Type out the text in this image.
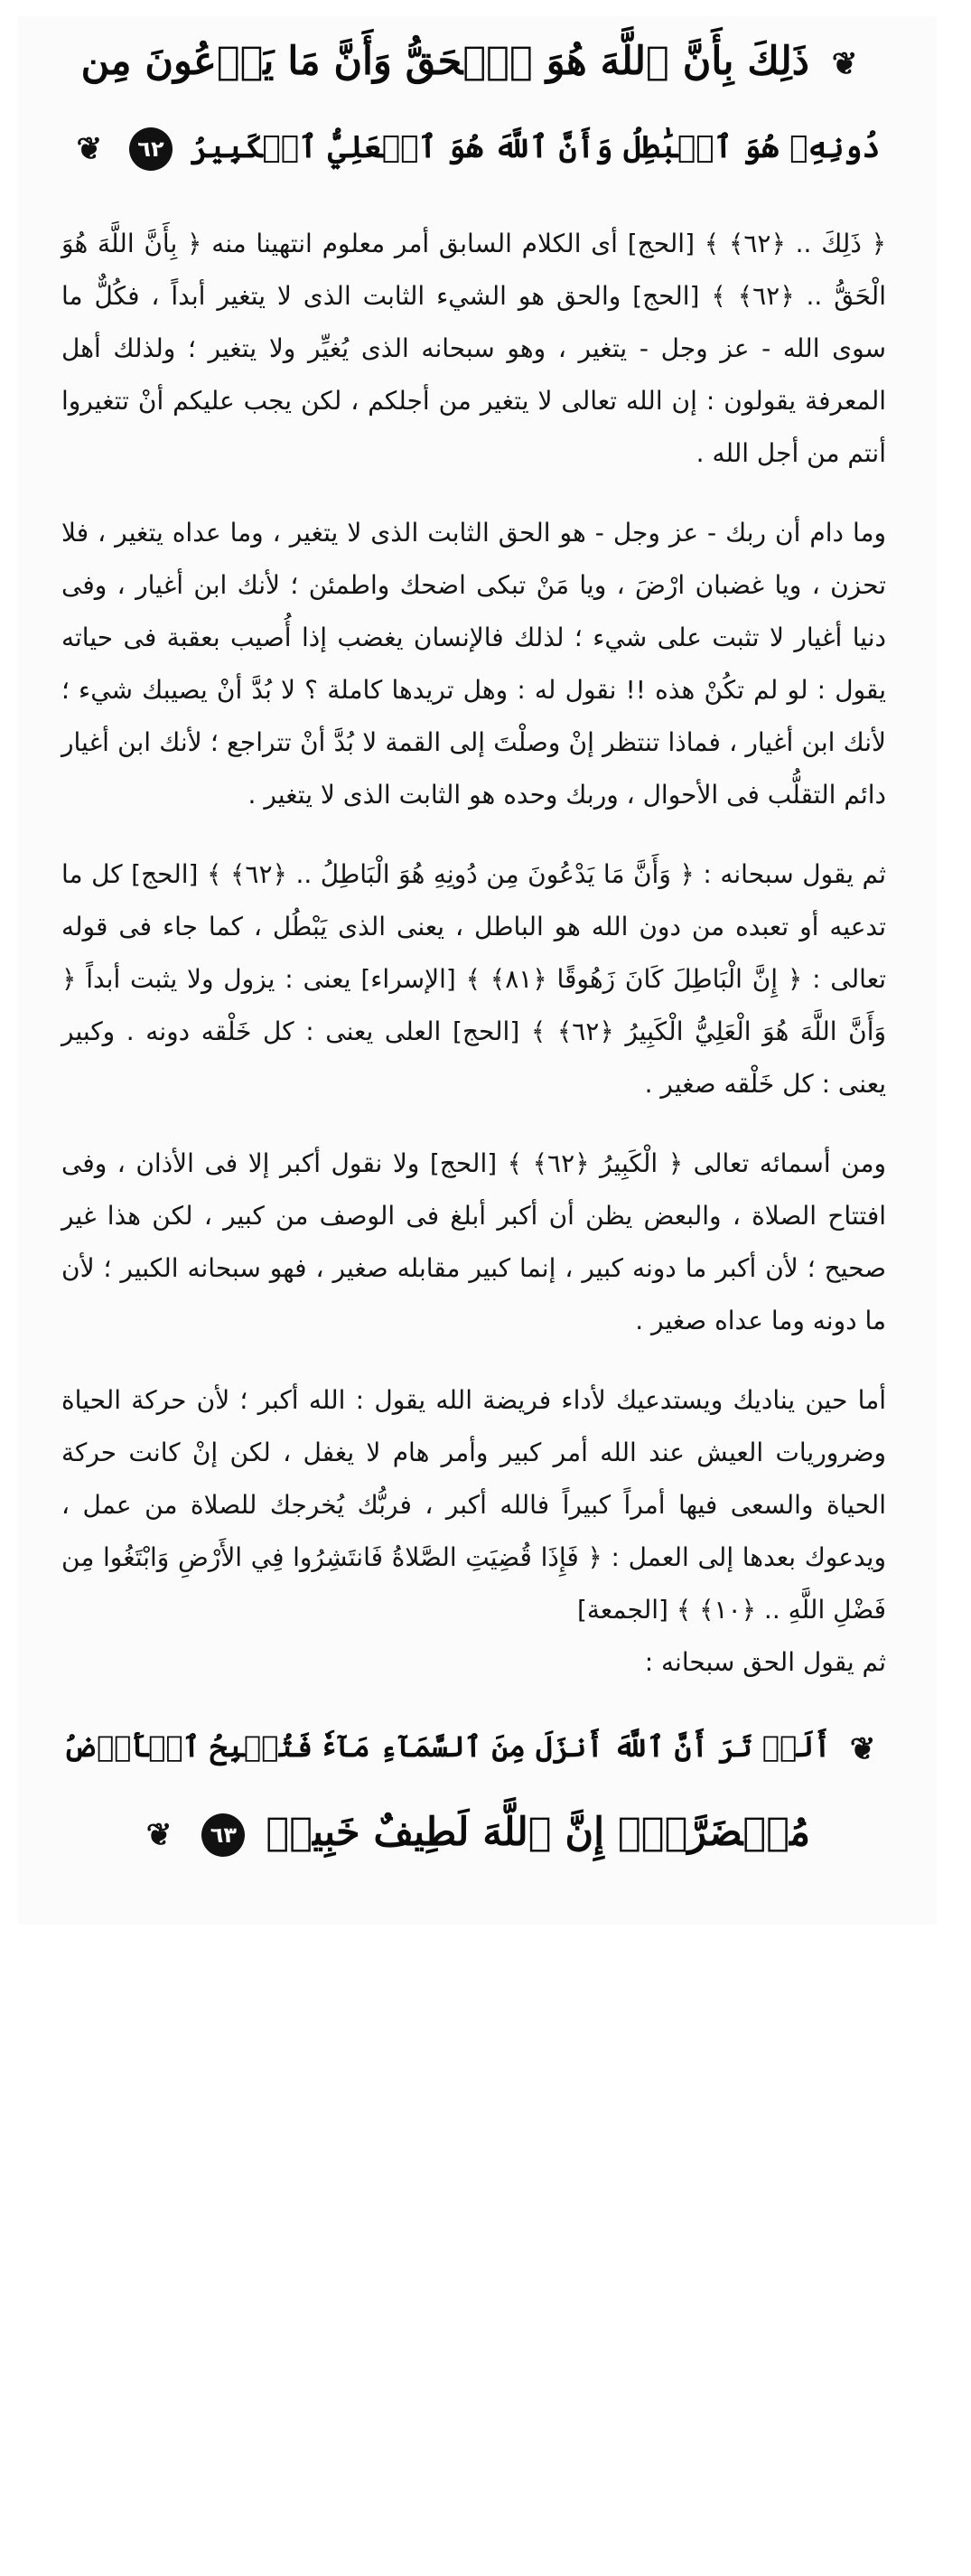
❦ ذَلِكَ بِأَنَّ ٱللَّهَ هُوَ ٱلۡحَقُّ وَأَنَّ مَا يَدۡعُونَ مِن
دُونِهِۦ هُوَ ٱلۡبَٰطِلُ وَأَنَّ ٱللَّهَ هُوَ ٱلۡعَلِيُّ ٱلۡكَبِيرُ ٦٢ ❦

﴿ ذَلِكَ .. ﴿٦٢﴾ ﴾ [الحج] أى الكلام السابق أمر معلوم انتهينا منه ﴿ بِأَنَّ اللَّهَ هُوَ الْحَقُّ .. ﴿٦٢﴾ ﴾ [الحج] والحق هو الشيء الثابت الذى لا يتغير أبداً ، فكُلٌّ ما سوى الله - عز وجل - يتغير ، وهو سبحانه الذى يُغيِّر ولا يتغير ؛ ولذلك أهل المعرفة يقولون : إن الله تعالى لا يتغير من أجلكم ، لكن يجب عليكم أنْ تتغيروا أنتم من أجل الله .

وما دام أن ربك - عز وجل - هو الحق الثابت الذى لا يتغير ، وما عداه يتغير ، فلا تحزن ، ويا غضبان ارْضَ ، ويا مَنْ تبكى اضحك واطمئن ؛ لأنك ابن أغيار ، وفى دنيا أغيار لا تثبت على شيء ؛ لذلك فالإنسان يغضب إذا أُصيب بعقبة فى حياته يقول : لو لم تكُنْ هذه !! نقول له : وهل تريدها كاملة ؟ لا بُدَّ أنْ يصيبك شيء ؛ لأنك ابن أغيار ، فماذا تنتظر إنْ وصلْتَ إلى القمة لا بُدَّ أنْ تتراجع ؛ لأنك ابن أغيار دائم التقلُّب فى الأحوال ، وربك وحده هو الثابت الذى لا يتغير .

ثم يقول سبحانه : ﴿ وَأَنَّ مَا يَدْعُونَ مِن دُونِهِ هُوَ الْبَاطِلُ .. ﴿٦٢﴾ ﴾ [الحج] كل ما تدعيه أو تعبده من دون الله هو الباطل ، يعنى الذى يَبْطُل ، كما جاء فى قوله تعالى : ﴿ إِنَّ الْبَاطِلَ كَانَ زَهُوقًا ﴿٨١﴾ ﴾ [الإسراء] يعنى : يزول ولا يثبت أبداً ﴿ وَأَنَّ اللَّهَ هُوَ الْعَلِيُّ الْكَبِيرُ ﴿٦٢﴾ ﴾ [الحج] العلى يعنى : كل خَلْقه دونه . وكبير يعنى : كل خَلْقه صغير .

ومن أسمائه تعالى ﴿ الْكَبِيرُ ﴿٦٢﴾ ﴾ [الحج] ولا نقول أكبر إلا فى الأذان ، وفى افتتاح الصلاة ، والبعض يظن أن أكبر أبلغ فى الوصف من كبير ، لكن هذا غير صحيح ؛ لأن أكبر ما دونه كبير ، إنما كبير مقابله صغير ، فهو سبحانه الكبير ؛ لأن ما دونه وما عداه صغير .

أما حين يناديك ويستدعيك لأداء فريضة الله يقول : الله أكبر ؛ لأن حركة الحياة وضروريات العيش عند الله أمر كبير وأمر هام لا يغفل ، لكن إنْ كانت حركة الحياة والسعى فيها أمراً كبيراً فالله أكبر ، فربُّك يُخرجك للصلاة من عمل ، ويدعوك بعدها إلى العمل : ﴿ فَإِذَا قُضِيَتِ الصَّلاةُ فَانتَشِرُوا فِي الأَرْضِ وَابْتَغُوا مِن فَضْلِ اللَّهِ .. ﴿١٠﴾ ﴾ [الجمعة]

ثم يقول الحق سبحانه :

❦ أَلَمۡ تَرَ أَنَّ ٱللَّهَ أَنزَلَ مِنَ ٱلسَّمَآءِ مَآءٗ فَتُصۡبِحُ ٱلۡأَرۡضُ
مُخۡضَرَّةًۚ إِنَّ ٱللَّهَ لَطِيفٌ خَبِيرٞ ٦٣ ❦
